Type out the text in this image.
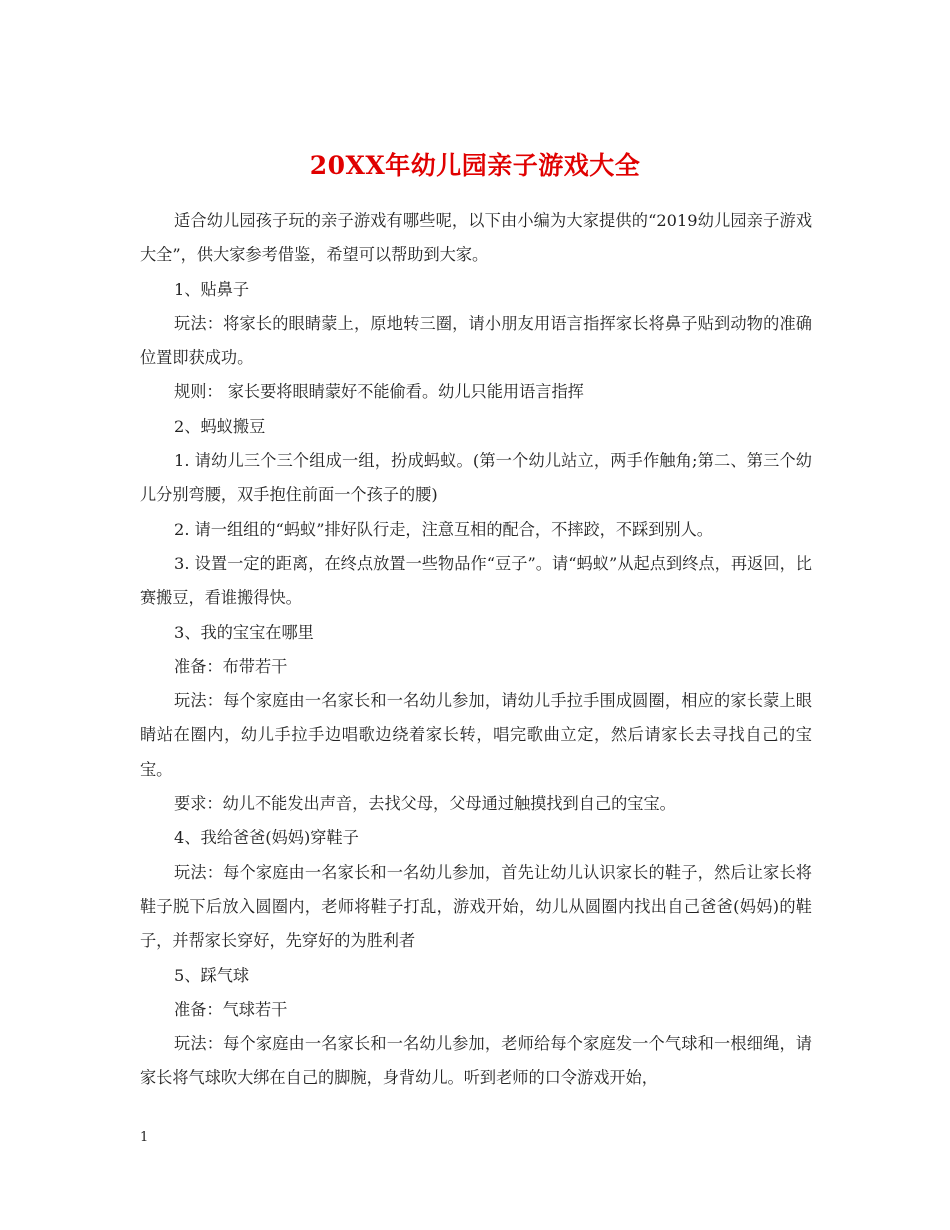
20XX年幼儿园亲子游戏大全

适合幼儿园孩子玩的亲子游戏有哪些呢，以下由小编为大家提供的“2019幼儿园亲子游戏大全”，供大家参考借鉴，希望可以帮助到大家。

1、贴鼻子

玩法：将家长的眼睛蒙上，原地转三圈，请小朋友用语言指挥家长将鼻子贴到动物的准确位置即获成功。

规则： 家长要将眼睛蒙好不能偷看。幼儿只能用语言指挥

2、蚂蚁搬豆

1. 请幼儿三个三个组成一组，扮成蚂蚁。(第一个幼儿站立，两手作触角;第二、第三个幼儿分别弯腰，双手抱住前面一个孩子的腰)

2. 请一组组的“蚂蚁”排好队行走，注意互相的配合，不摔跤，不踩到别人。

3. 设置一定的距离，在终点放置一些物品作“豆子”。请“蚂蚁”从起点到终点，再返回，比赛搬豆，看谁搬得快。

3、我的宝宝在哪里

准备：布带若干

玩法：每个家庭由一名家长和一名幼儿参加，请幼儿手拉手围成圆圈，相应的家长蒙上眼睛站在圈内，幼儿手拉手边唱歌边绕着家长转，唱完歌曲立定，然后请家长去寻找自己的宝宝。

要求：幼儿不能发出声音，去找父母，父母通过触摸找到自己的宝宝。

4、我给爸爸(妈妈)穿鞋子

玩法：每个家庭由一名家长和一名幼儿参加，首先让幼儿认识家长的鞋子，然后让家长将鞋子脱下后放入圆圈内，老师将鞋子打乱，游戏开始，幼儿从圆圈内找出自己爸爸(妈妈)的鞋子，并帮家长穿好，先穿好的为胜利者

5、踩气球

准备：气球若干

玩法：每个家庭由一名家长和一名幼儿参加，老师给每个家庭发一个气球和一根细绳，请家长将气球吹大绑在自己的脚腕，身背幼儿。听到老师的口令游戏开始，

1
